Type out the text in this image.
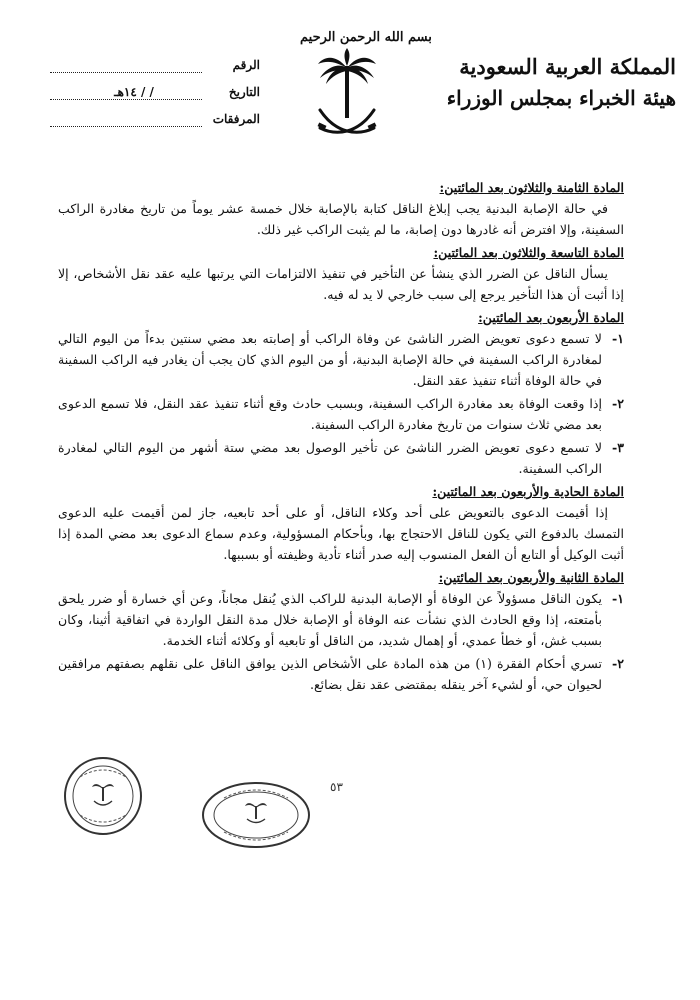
بسم الله الرحمن الرحيم
المملكة العربية السعودية
هيئة الخبراء بمجلس الوزراء
الرقم
التاريخ
/ / ١٤هـ
المرفقات

المادة الثامنة والثلاثون بعد المائتين:

في حالة الإصابة البدنية يجب إبلاغ الناقل كتابة بالإصابة خلال خمسة عشر يوماً من تاريخ مغادرة الراكب السفينة، وإلا افترض أنه غادرها دون إصابة، ما لم يثبت الراكب غير ذلك.

المادة التاسعة والثلاثون بعد المائتين:

يسأل الناقل عن الضرر الذي ينشأ عن التأخير في تنفيذ الالتزامات التي يرتبها عليه عقد نقل الأشخاص، إلا إذا أثبت أن هذا التأخير يرجع إلى سبب خارجي لا يد له فيه.

المادة الأربعون بعد المائتين:

١-
لا تسمع دعوى تعويض الضرر الناشئ عن وفاة الراكب أو إصابته بعد مضي سنتين بدءاً من اليوم التالي لمغادرة الراكب السفينة في حالة الإصابة البدنية، أو من اليوم الذي كان يجب أن يغادر فيه الراكب السفينة في حالة الوفاة أثناء تنفيذ عقد النقل.

٢-
إذا وقعت الوفاة بعد مغادرة الراكب السفينة، وبسبب حادث وقع أثناء تنفيذ عقد النقل، فلا تسمع الدعوى بعد مضي ثلاث سنوات من تاريخ مغادرة الراكب السفينة.

٣-
لا تسمع دعوى تعويض الضرر الناشئ عن تأخير الوصول بعد مضي ستة أشهر من اليوم التالي لمغادرة الراكب السفينة.

المادة الحادية والأربعون بعد المائتين:

إذا أقيمت الدعوى بالتعويض على أحد وكلاء الناقل، أو على أحد تابعيه، جاز لمن أقيمت عليه الدعوى التمسك بالدفوع التي يكون للناقل الاحتجاج بها، وبأحكام المسؤولية، وعدم سماع الدعوى بعد مضي المدة إذا أثبت الوكيل أو التابع أن الفعل المنسوب إليه صدر أثناء تأدية وظيفته أو بسببها.

المادة الثانية والأربعون بعد المائتين:

١-
يكون الناقل مسؤولاً عن الوفاة أو الإصابة البدنية للراكب الذي يُنقل مجاناً، وعن أي خسارة أو ضرر يلحق بأمتعته، إذا وقع الحادث الذي نشأت عنه الوفاة أو الإصابة خلال مدة النقل الواردة في اتفاقية أثينا، وكان بسبب غش، أو خطأ عمدي، أو إهمال شديد، من الناقل أو تابعيه أو وكلائه أثناء الخدمة.

٢-
تسري أحكام الفقرة (١) من هذه المادة على الأشخاص الذين يوافق الناقل على نقلهم بصفتهم مرافقين لحيوان حي، أو لشيء آخر ينقله بمقتضى عقد نقل بضائع.

٥٣
